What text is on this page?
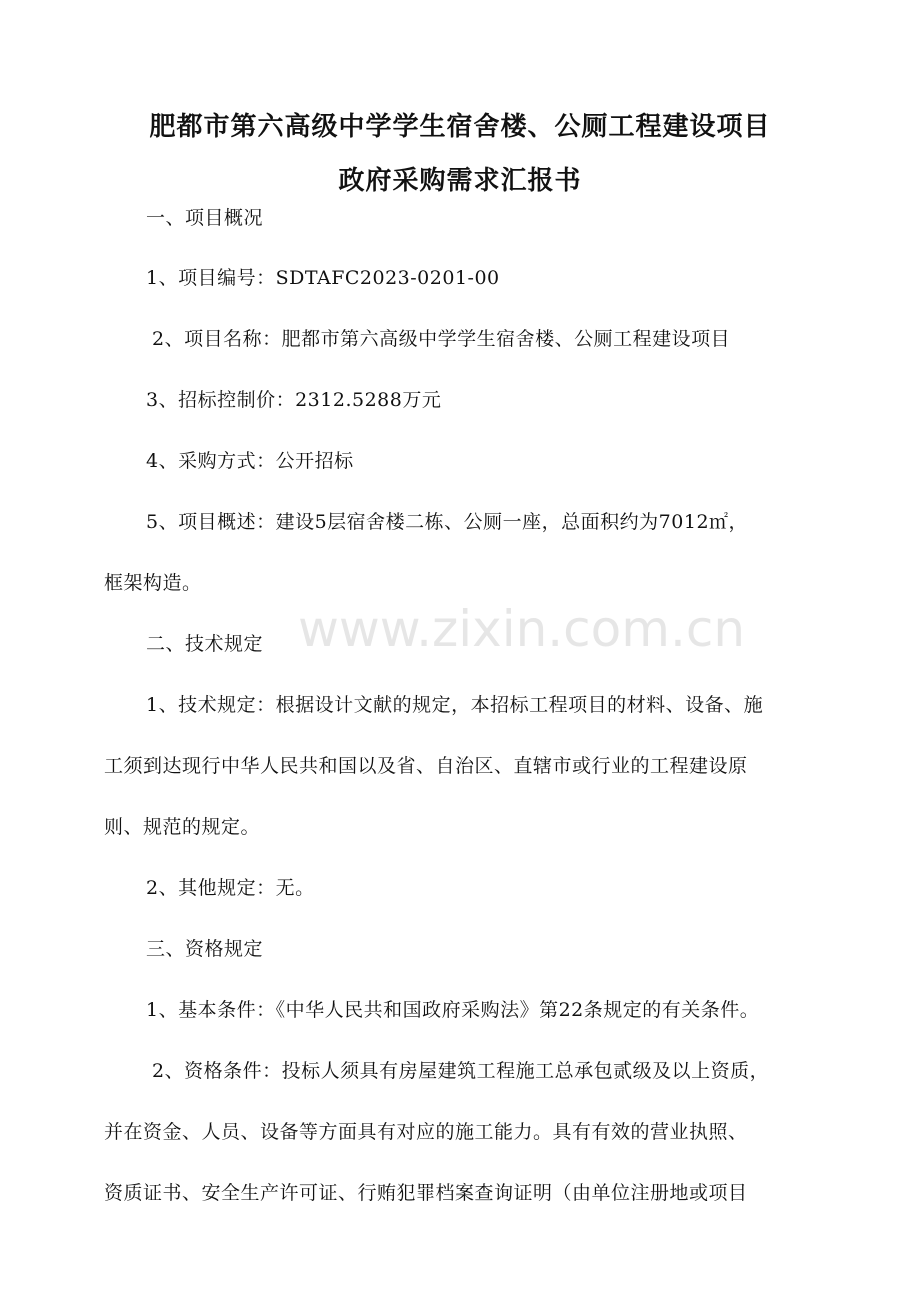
肥都市第六高级中学学生宿舍楼、公厕工程建设项目
政府采购需求汇报书

一、项目概况

1、项目编号：SDTAFC2023-0201-00

2、项目名称：肥都市第六高级中学学生宿舍楼、公厕工程建设项目

3、招标控制价：2312.5288万元

4、采购方式：公开招标

5、项目概述：建设5层宿舍楼二栋、公厕一座，总面积约为7012㎡，

框架构造。

二、技术规定

1、技术规定：根据设计文献的规定，本招标工程项目的材料、设备、施

工须到达现行中华人民共和国以及省、自治区、直辖市或行业的工程建设原

则、规范的规定。

2、其他规定：无。

三、资格规定

1、基本条件：《中华人民共和国政府采购法》第22条规定的有关条件。

2、资格条件：投标人须具有房屋建筑工程施工总承包贰级及以上资质，

并在资金、人员、设备等方面具有对应的施工能力。具有有效的营业执照、

资质证书、安全生产许可证、行贿犯罪档案查询证明（由单位注册地或项目

www.zixin.com.cn
